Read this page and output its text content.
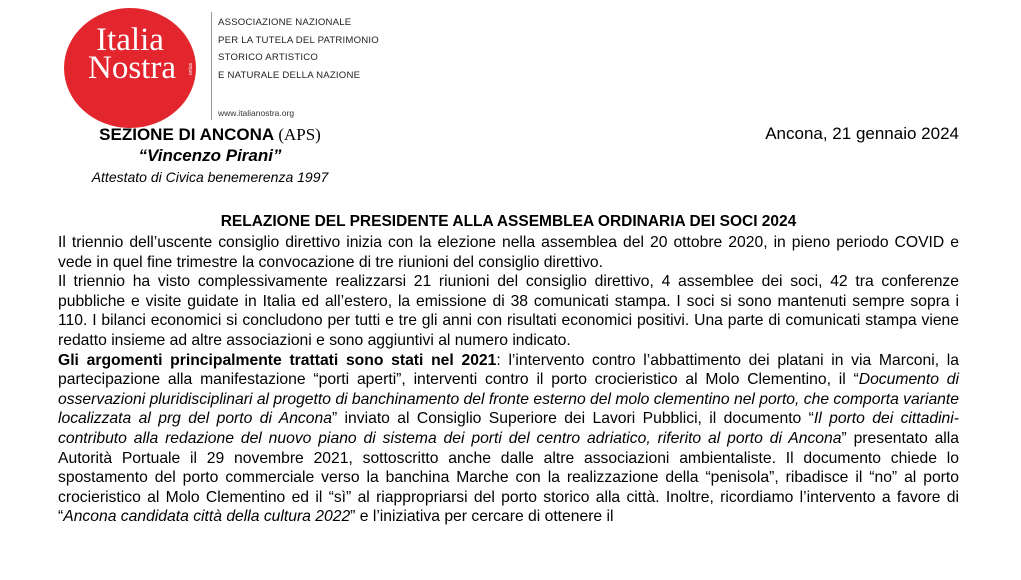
Italia

Nostra	onlus
ASSOCIAZIONE NAZIONALE
PER LA TUTELA DEL PATRIMONIO
STORICO ARTISTICO
E NATURALE DELLA NAZIONE
www.italianostra.org
SEZIONE DI ANCONA (APS)
“Vincenzo Pirani”
Attestato di Civica benemerenza 1997
Ancona, 21 gennaio 2024
RELAZIONE DEL PRESIDENTE ALLA ASSEMBLEA ORDINARIA DEI SOCI 2024

Il triennio dell’uscente consiglio direttivo inizia con la elezione nella assemblea del 20 ottobre 2020, in pieno periodo COVID e vede in quel fine trimestre la convocazione di tre riunioni del consiglio direttivo.

Il triennio ha visto complessivamente realizzarsi 21 riunioni del consiglio direttivo, 4 assemblee dei soci, 42 tra conferenze pubbliche e visite guidate in Italia ed all’estero, la emissione di 38 comunicati stampa. I soci si sono mantenuti sempre sopra i 110. I bilanci economici si concludono per tutti e tre gli anni con risultati economici positivi. Una parte di comunicati stampa viene redatto insieme ad altre associazioni e sono aggiuntivi al numero indicato.

Gli argomenti principalmente trattati sono stati nel 2021: l’intervento contro l’abbattimento dei platani in via Marconi, la partecipazione alla manifestazione “porti aperti”, interventi contro il porto crocieristico al Molo Clementino, il “Documento di osservazioni pluridisciplinari al progetto di banchinamento del fronte esterno del molo clementino nel porto, che comporta variante localizzata al prg del porto di Ancona” inviato al Consiglio Superiore dei Lavori Pubblici, il documento “Il porto dei cittadini-contributo alla redazione del nuovo piano di sistema dei porti del centro adriatico, riferito al porto di Ancona” presentato alla Autorità Portuale il 29 novembre 2021, sottoscritto anche dalle altre associazioni ambientaliste. Il documento chiede lo spostamento del porto commerciale verso la banchina Marche con la realizzazione della “penisola”, ribadisce il “no” al porto crocieristico al Molo Clementino ed il “sì” al riappropriarsi del porto storico alla città. Inoltre, ricordiamo l’intervento a favore di “Ancona candidata città della cultura 2022” e l’iniziativa per cercare di ottenere il
